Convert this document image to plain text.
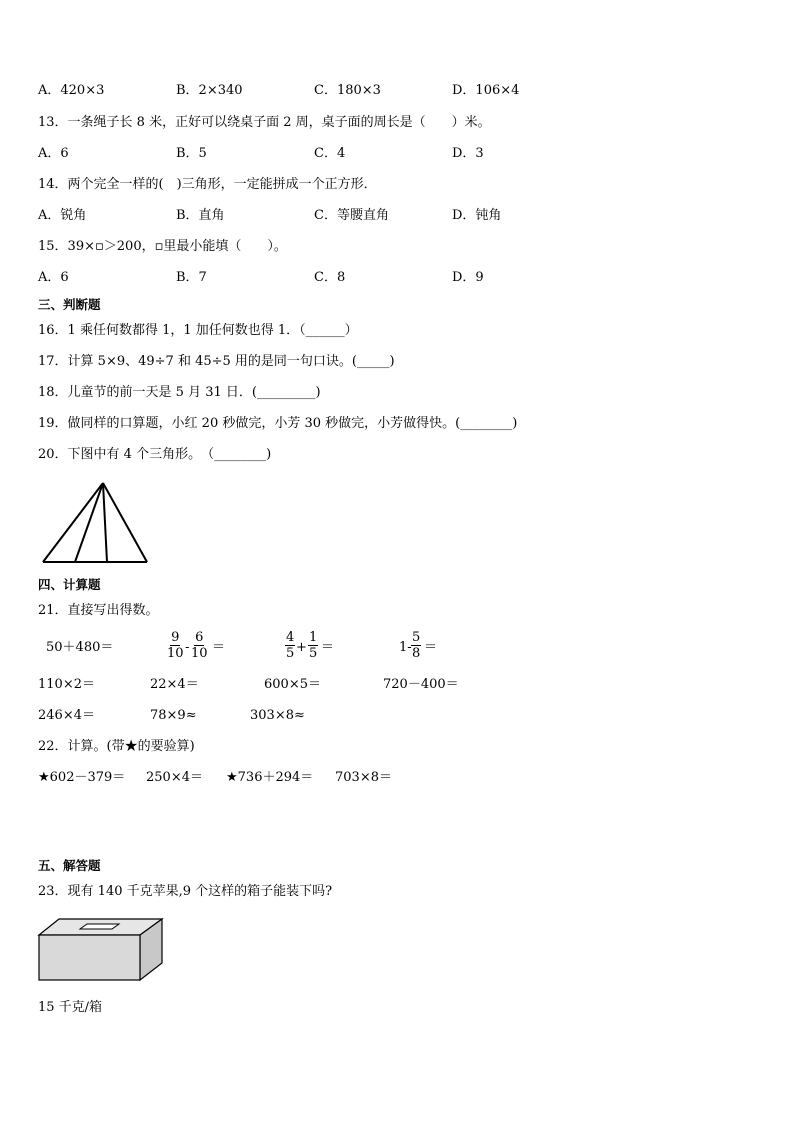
A．420×3	B．2×340	C．180×3	D．106×4
13．一条绳子长 8 米，正好可以绕桌子面 2 周，桌子面的周长是（　　）米。
A．6	B．5	C．4	D．3
14．两个完全一样的(　)三角形，一定能拼成一个正方形．
A．锐角	B．直角	C．等腰直角	D．钝角
15．39×▫＞200，▫里最小能填（　　）。
A．6	B．7	C．8	D．9
三、判断题
16．1 乘任何数都得 1，1 加任何数也得 1．（______）
17．计算 5×9、49÷7 和 45÷5 用的是同一句口诀。(_____)
18．儿童节的前一天是 5 月 31 日．(_________)
19．做同样的口算题，小红 20 秒做完，小芳 30 秒做完，小芳做得快。(________)
20．下图中有 4 个三角形。　（________)
四、计算题
21．直接写出得数。
50＋480＝	$\frac{9}{10} - \frac{6}{10}$ ＝	$\frac{4}{5} + \frac{1}{5}$ ＝	$1- \frac{5}{8}$ ＝
110×2＝	22×4＝	600×5＝	720－400＝
246×4＝	78×9≈	303×8≈
22．计算。(带★的要验算)
★602－379＝ 250×4＝ ★736＋294＝ 703×8＝
五、解答题
23．现有 140 千克苹果,9 个这样的箱子能装下吗?
15 千克/箱
